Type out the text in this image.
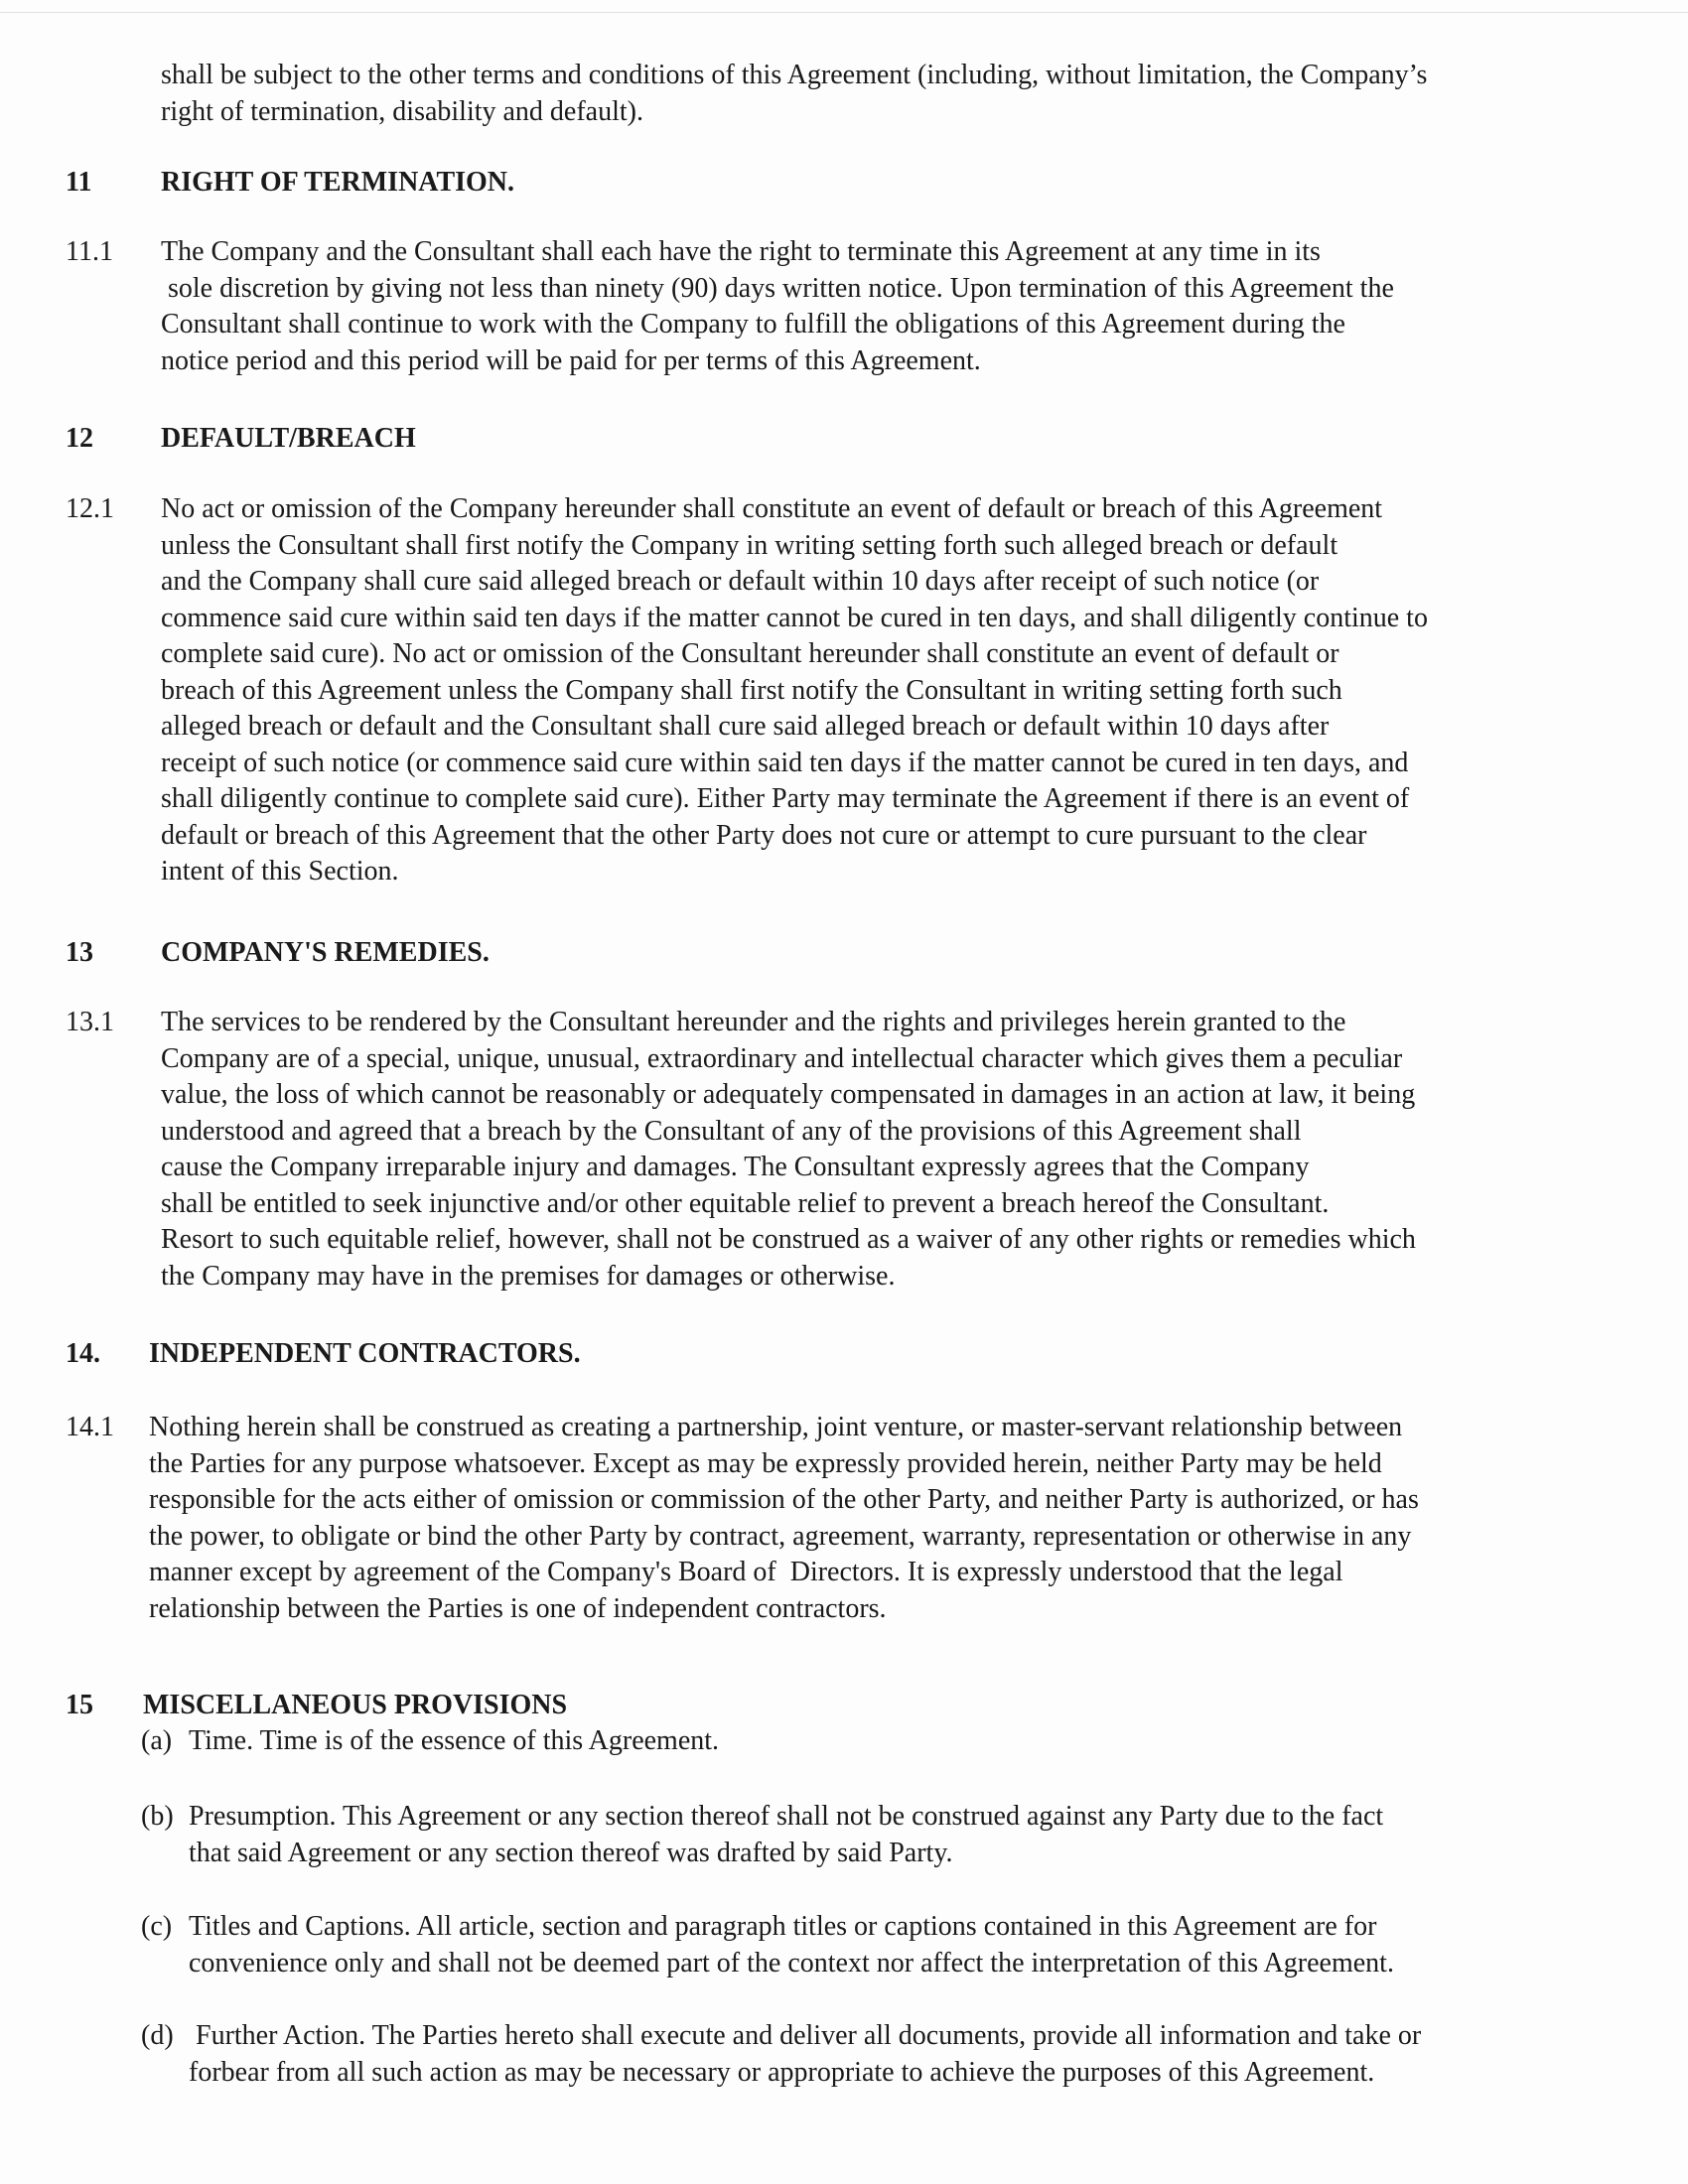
shall be subject to the other terms and conditions of this Agreement (including, without limitation, the Company’s
right of termination, disability and default).
11 RIGHT OF TERMINATION.
11.1 The Company and the Consultant shall each have the right to terminate this Agreement at any time in its
sole discretion by giving not less than ninety (90) days written notice. Upon termination of this Agreement the
Consultant shall continue to work with the Company to fulfill the obligations of this Agreement during the
notice period and this period will be paid for per terms of this Agreement.
12 DEFAULT/BREACH
12.1 No act or omission of the Company hereunder shall constitute an event of default or breach of this Agreement
unless the Consultant shall first notify the Company in writing setting forth such alleged breach or default
and the Company shall cure said alleged breach or default within 10 days after receipt of such notice (or
commence said cure within said ten days if the matter cannot be cured in ten days, and shall diligently continue to
complete said cure). No act or omission of the Consultant hereunder shall constitute an event of default or
breach of this Agreement unless the Company shall first notify the Consultant in writing setting forth such
alleged breach or default and the Consultant shall cure said alleged breach or default within 10 days after
receipt of such notice (or commence said cure within said ten days if the matter cannot be cured in ten days, and
shall diligently continue to complete said cure). Either Party may terminate the Agreement if there is an event of
default or breach of this Agreement that the other Party does not cure or attempt to cure pursuant to the clear
intent of this Section.
13 COMPANY'S REMEDIES.
13.1 The services to be rendered by the Consultant hereunder and the rights and privileges herein granted to the
Company are of a special, unique, unusual, extraordinary and intellectual character which gives them a peculiar
value, the loss of which cannot be reasonably or adequately compensated in damages in an action at law, it being
understood and agreed that a breach by the Consultant of any of the provisions of this Agreement shall
cause the Company irreparable injury and damages. The Consultant expressly agrees that the Company
shall be entitled to seek injunctive and/or other equitable relief to prevent a breach hereof the Consultant.
Resort to such equitable relief, however, shall not be construed as a waiver of any other rights or remedies which
the Company may have in the premises for damages or otherwise.
14. INDEPENDENT CONTRACTORS.
14.1 Nothing herein shall be construed as creating a partnership, joint venture, or master-servant relationship between
the Parties for any purpose whatsoever. Except as may be expressly provided herein, neither Party may be held
responsible for the acts either of omission or commission of the other Party, and neither Party is authorized, or has
the power, to obligate or bind the other Party by contract, agreement, warranty, representation or otherwise in any
manner except by agreement of the Company's Board of  Directors. It is expressly understood that the legal
relationship between the Parties is one of independent contractors.
15 MISCELLANEOUS PROVISIONS
(a) Time. Time is of the essence of this Agreement.
(b) Presumption. This Agreement or any section thereof shall not be construed against any Party due to the fact
that said Agreement or any section thereof was drafted by said Party.
(c) Titles and Captions. All article, section and paragraph titles or captions contained in this Agreement are for
convenience only and shall not be deemed part of the context nor affect the interpretation of this Agreement.
(d) Further Action. The Parties hereto shall execute and deliver all documents, provide all information and take or
forbear from all such action as may be necessary or appropriate to achieve the purposes of this Agreement.
